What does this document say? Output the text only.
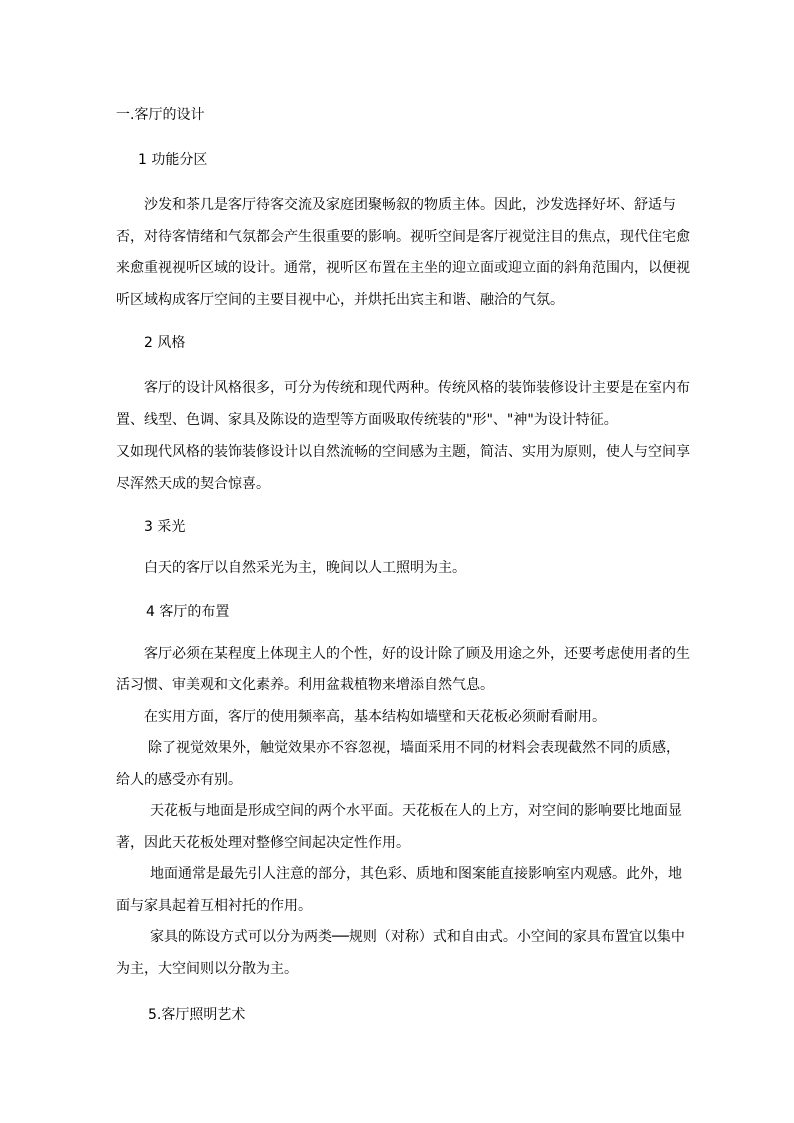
一.客厅的设计
1 功能分区

沙发和茶几是客厅待客交流及家庭团聚畅叙的物质主体。因此，沙发选择好坏、舒适与否，对待客情绪和气氛都会产生很重要的影响。视听空间是客厅视觉注目的焦点，现代住宅愈来愈重视视听区域的设计。通常，视听区布置在主坐的迎立面或迎立面的斜角范围内，以便视听区域构成客厅空间的主要目视中心，并烘托出宾主和谐、融洽的气氛。

2 风格

客厅的设计风格很多，可分为传统和现代两种。传统风格的装饰装修设计主要是在室内布置、线型、色调、家具及陈设的造型等方面吸取传统装的"形"、"神"为设计特征。

又如现代风格的装饰装修设计以自然流畅的空间感为主题，简洁、实用为原则，使人与空间享尽浑然天成的契合惊喜。

3 采光

白天的客厅以自然采光为主，晚间以人工照明为主。

4 客厅的布置

客厅必须在某程度上体现主人的个性，好的设计除了顾及用途之外，还要考虑使用者的生活习惯、审美观和文化素养。利用盆栽植物来增添自然气息。

在实用方面，客厅的使用频率高，基本结构如墙壁和天花板必须耐看耐用。

除了视觉效果外，触觉效果亦不容忽视，墙面采用不同的材料会表现截然不同的质感，给人的感受亦有别。

天花板与地面是形成空间的两个水平面。天花板在人的上方，对空间的影响要比地面显著，因此天花板处理对整修空间起决定性作用。

地面通常是最先引人注意的部分，其色彩、质地和图案能直接影响室内观感。此外，地面与家具起着互相衬托的作用。

家具的陈设方式可以分为两类──规则（对称）式和自由式。小空间的家具布置宜以集中为主，大空间则以分散为主。

5.客厅照明艺术
